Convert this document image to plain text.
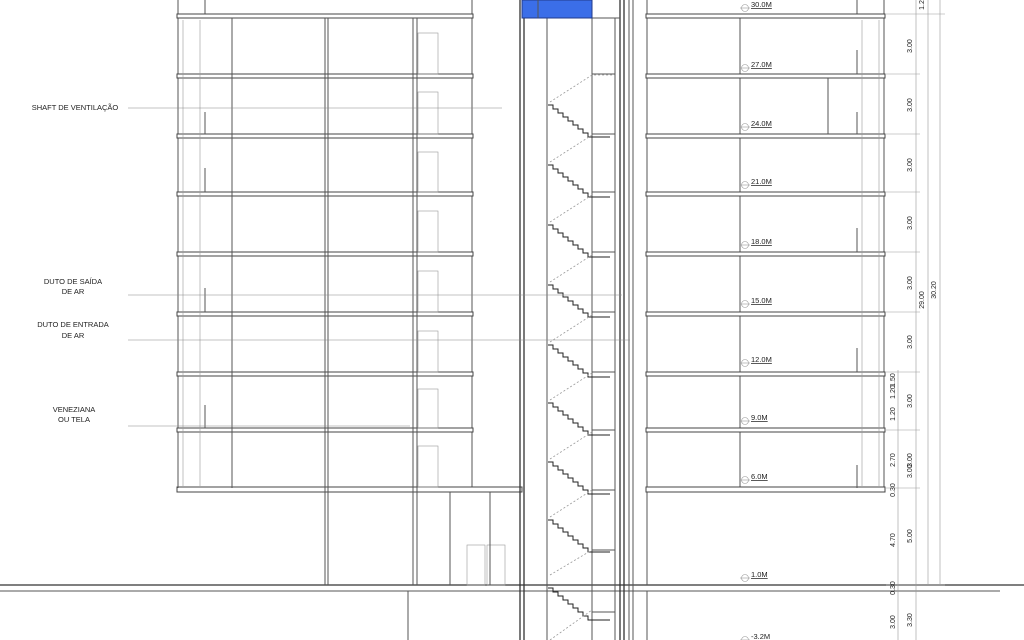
30.0M
27.0M
24.0M
21.0M
18.0M
15.0M
12.0M
9.0M
6.0M
1.0M
-3.2M
SHAFT DE VENTILAÇÃO
DUTO DE SAÍDA
DE AR
DUTO DE ENTRADA
DE AR
VENEZIANA
OU TELA
1.20
1.50
1.20
2.70
0.30
4.70
0.30
3.00
3.00
3.00
3.00
3.00
3.00
3.00
3.00
3.00
3.00
5.00
3.30
29.00
30.20
1.2
